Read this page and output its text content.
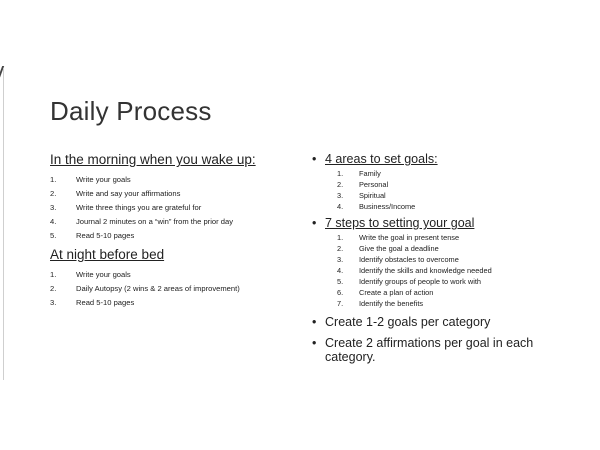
Daily Process
In the morning when you wake up:
1.	Write your goals
2.	Write and say your affirmations
3.	Write three things you are grateful for
4.	Journal 2 minutes on a “win” from the prior day
5.	Read 5-10 pages
At night before bed
1.	Write your goals
2.	Daily Autopsy (2 wins & 2 areas of improvement)
3.	Read 5-10 pages
• 4 areas to set goals:
1.	Family
2.	Personal
3.	Spiritual
4.	Business/Income
• 7 steps to setting your goal
1.	Write the goal in present tense
2.	Give the goal a deadline
3.	Identify obstacles to overcome
4.	Identify the skills and knowledge needed
5.	Identify groups of people to work with
6.	Create a plan of action
7.	Identify the benefits
• Create 1-2 goals per category
• Create 2 affirmations per goal in each category.
